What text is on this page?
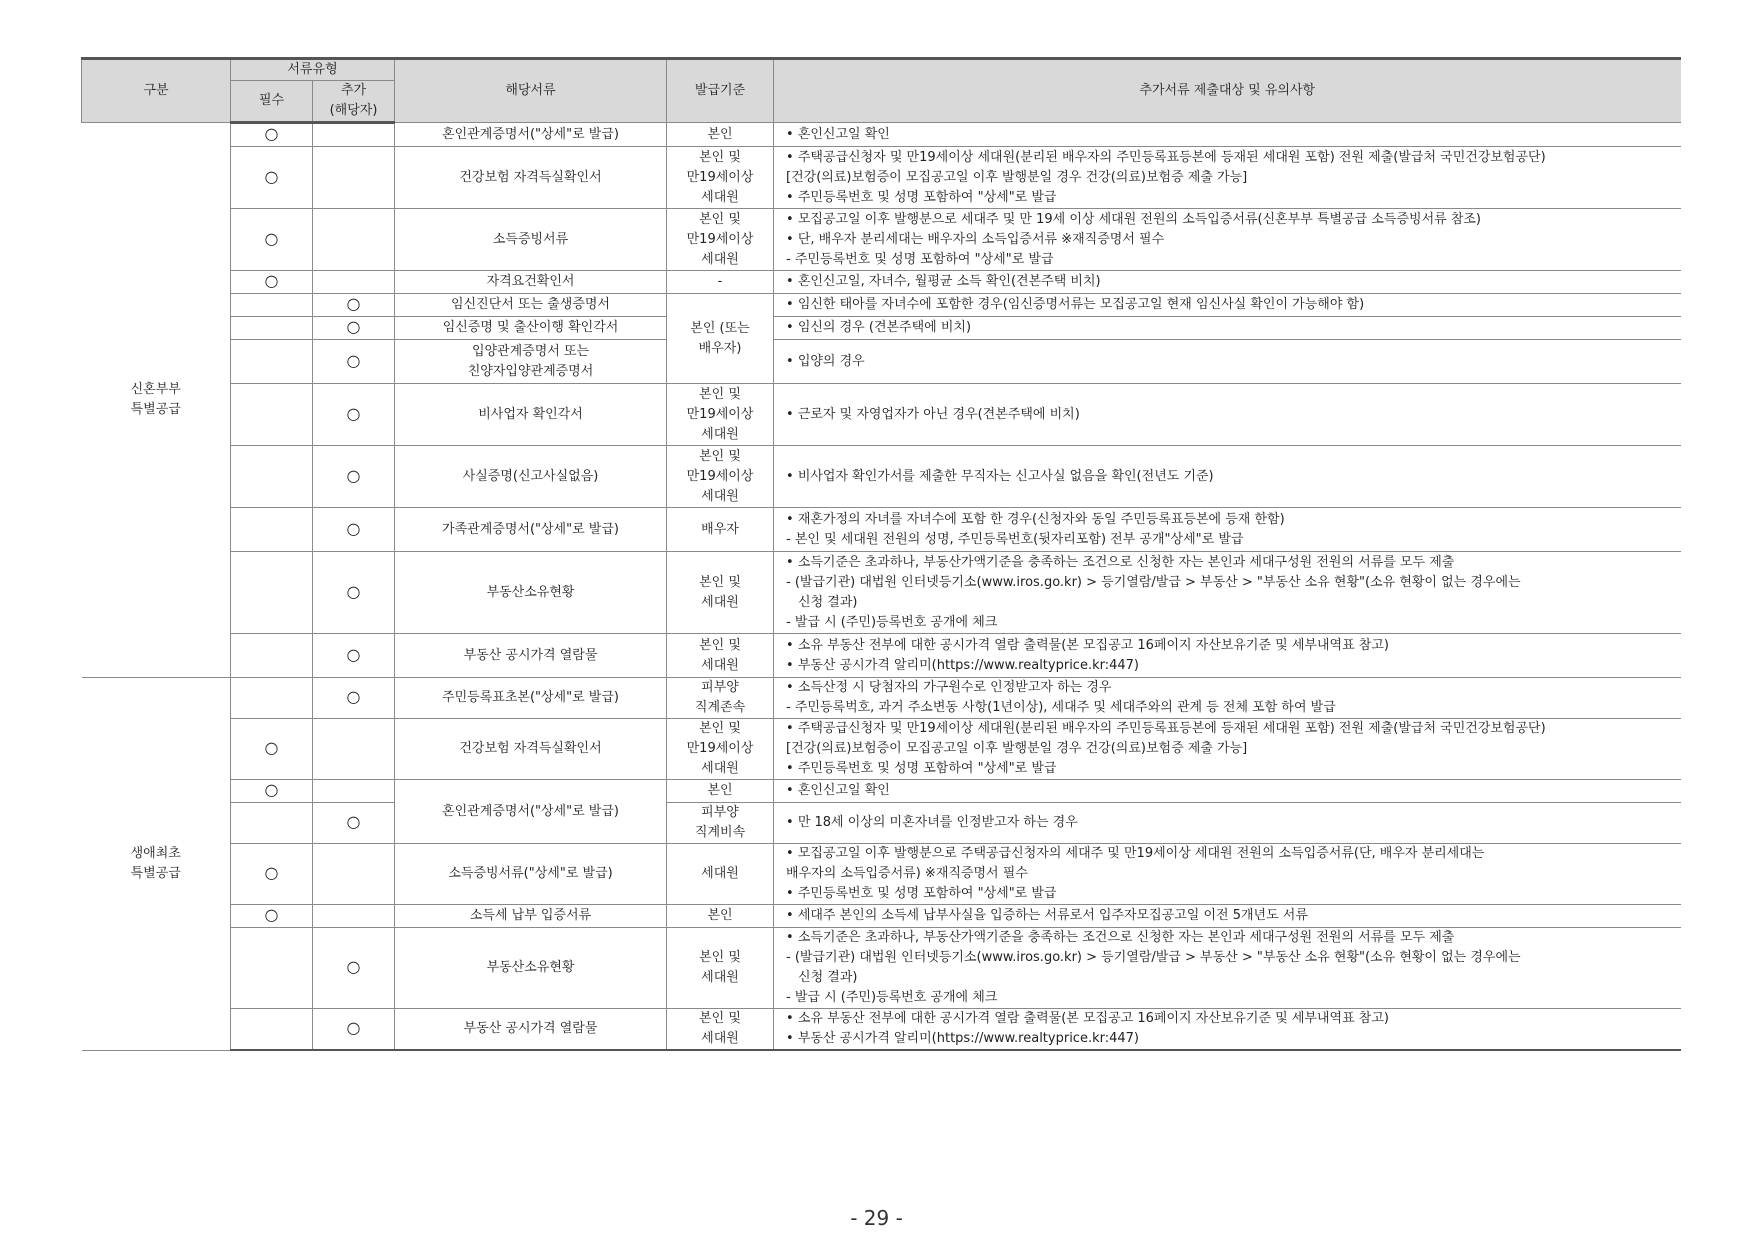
구분	서류유형		해당서류	발급기준	추가서류 제출대상 및 유의사항
	필수	추가
(해당자)			

신혼부부
특별공급	○		혼인관계증명서("상세"로 발급)	본인	• 혼인신고일 확인

	○		건강보험 자격득실확인서	본인 및
만19세이상
세대원	• 주택공급신청자 및 만19세이상 세대원(분리된 배우자의 주민등록표등본에 등재된 세대원 포함) 전원 제출(발급처 국민건강보험공단)
[건강(의료)보험증이 모집공고일 이후 발행분일 경우 건강(의료)보험증 제출 가능]
• 주민등록번호 및 성명 포함하여 "상세"로 발급

	○		소득증빙서류	본인 및
만19세이상
세대원	• 모집공고일 이후 발행분으로 세대주 및 만 19세 이상 세대원 전원의 소득입증서류(신혼부부 특별공급 소득증빙서류 참조)
• 단, 배우자 분리세대는 배우자의 소득입증서류 ※재직증명서 필수
- 주민등록번호 및 성명 포함하여 "상세"로 발급

	○		자격요건확인서	-	• 혼인신고일, 자녀수, 월평균 소득 확인(견본주택 비치)

		○	임신진단서 또는 출생증명서	본인 (또는
배우자)	• 임신한 태아를 자녀수에 포함한 경우(임신증명서류는 모집공고일 현재 임신사실 확인이 가능해야 함)

		○	임신증명 및 출산이행 확인각서		• 임신의 경우 (견본주택에 비치)

		○	입양관계증명서 또는
친양자입양관계증명서		• 입양의 경우

		○	비사업자 확인각서	본인 및
만19세이상
세대원	• 근로자 및 자영업자가 아닌 경우(견본주택에 비치)

		○	사실증명(신고사실없음)	본인 및
만19세이상
세대원	• 비사업자 확인가서를 제출한 무직자는 신고사실 없음을 확인(전년도 기준)

		○	가족관계증명서("상세"로 발급)	배우자	• 재혼가정의 자녀를 자녀수에 포함 한 경우(신청자와 동일 주민등록표등본에 등재 한함)
- 본인 및 세대원 전원의 성명, 주민등록번호(뒷자리포함) 전부 공개"상세"로 발급

		○	부동산소유현황	본인 및
세대원	• 소득기준은 초과하나, 부동산가액기준을 충족하는 조건으로 신청한 자는 본인과 세대구성원 전원의 서류를 모두 제출
- (발급기관) 대법원 인터넷등기소(www.iros.go.kr) > 등기열람/발급 > 부동산 > "부동산 소유 현황"(소유 현황이 없는 경우에는
신청 결과)
- 발급 시 (주민)등록번호 공개에 체크

		○	부동산 공시가격 열람물	본인 및
세대원	• 소유 부동산 전부에 대한 공시가격 열람 출력물(본 모집공고 16페이지 자산보유기준 및 세부내역표 참고)
• 부동산 공시가격 알리미(https://www.realtyprice.kr:447)

생애최초
특별공급		○	주민등록표초본("상세"로 발급)	피부양
직계존속	• 소득산정 시 당첨자의 가구원수로 인정받고자 하는 경우
- 주민등록벅호, 과거 주소변동 사항(1년이상), 세대주 및 세대주와의 관계 등 전체 포함 하여 발급

	○		건강보험 자격득실확인서	본인 및
만19세이상
세대원	• 주택공급신청자 및 만19세이상 세대원(분리된 배우자의 주민등록표등본에 등재된 세대원 포함) 전원 제출(발급처 국민건강보험공단)
[건강(의료)보험증이 모집공고일 이후 발행분일 경우 건강(의료)보험증 제출 가능]
• 주민등록번호 및 성명 포함하여 "상세"로 발급

	○		혼인관계증명서("상세"로 발급)	본인	• 혼인신고일 확인

		○		피부양
직계비속	• 만 18세 이상의 미혼자녀를 인정받고자 하는 경우

	○		소득증빙서류("상세"로 발급)	세대원	• 모집공고일 이후 발행분으로 주택공급신청자의 세대주 및 만19세이상 세대원 전원의 소득입증서류(단, 배우자 분리세대는
배우자의 소득입증서류) ※재직증명서 필수
• 주민등록번호 및 성명 포함하여 "상세"로 발급

	○		소득세 납부 입증서류	본인	• 세대주 본인의 소득세 납부사실을 입증하는 서류로서 입주자모집공고일 이전 5개년도 서류

		○	부동산소유현황	본인 및
세대원	• 소득기준은 초과하나, 부동산가액기준을 충족하는 조건으로 신청한 자는 본인과 세대구성원 전원의 서류를 모두 제출
- (발급기관) 대법원 인터넷등기소(www.iros.go.kr) > 등기열람/발급 > 부동산 > "부동산 소유 현황"(소유 현황이 없는 경우에는
신청 결과)
- 발급 시 (주민)등록번호 공개에 체크

		○	부동산 공시가격 열람물	본인 및
세대원	• 소유 부동산 전부에 대한 공시가격 열람 출력물(본 모집공고 16페이지 자산보유기준 및 세부내역표 참고)
• 부동산 공시가격 알리미(https://www.realtyprice.kr:447)
- 29 -
